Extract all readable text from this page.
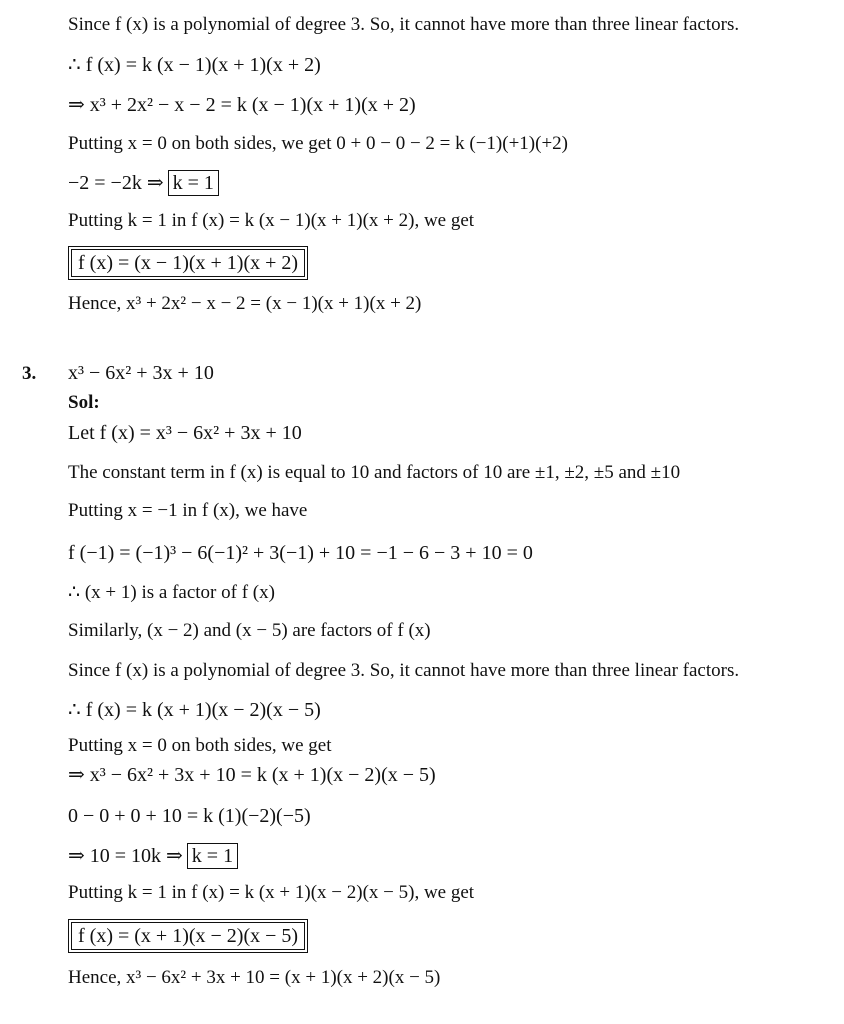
Since f (x) is a polynomial of degree 3. So, it cannot have more than three linear factors.
∴ f (x) = k (x − 1)(x + 1)(x + 2)
⇒ x³ + 2x² − x − 2 = k (x − 1)(x + 1)(x + 2)
Putting x = 0 on both sides, we get 0 + 0 − 0 − 2 = k (−1)(+1)(+2)
−2 = −2k ⇒ k = 1
Putting k = 1 in f (x) = k (x − 1)(x + 1)(x + 2), we get
f (x) = (x − 1)(x + 1)(x + 2)
Hence, x³ + 2x² − x − 2 = (x − 1)(x + 1)(x + 2)
3. x³ − 6x² + 3x + 10
Sol:
Let f (x) = x³ − 6x² + 3x + 10
The constant term in f (x) is equal to 10 and factors of 10 are ±1, ±2, ±5 and ±10
Putting x = −1 in f (x), we have
f (−1) = (−1)³ − 6(−1)² + 3(−1) + 10 = −1 − 6 − 3 + 10 = 0
∴ (x + 1) is a factor of f (x)
Similarly, (x − 2) and (x − 5) are factors of f (x)
Since f (x) is a polynomial of degree 3. So, it cannot have more than three linear factors.
∴ f (x) = k (x + 1)(x − 2)(x − 5)
Putting x = 0 on both sides, we get
⇒ x³ − 6x² + 3x + 10 = k (x + 1)(x − 2)(x − 5)
0 − 0 + 0 + 10 = k (1)(−2)(−5)
⇒ 10 = 10k ⇒ k = 1
Putting k = 1 in f (x) = k (x + 1)(x − 2)(x − 5), we get
f (x) = (x + 1)(x − 2)(x − 5)
Hence, x³ − 6x² + 3x + 10 = (x + 1)(x + 2)(x − 5)
